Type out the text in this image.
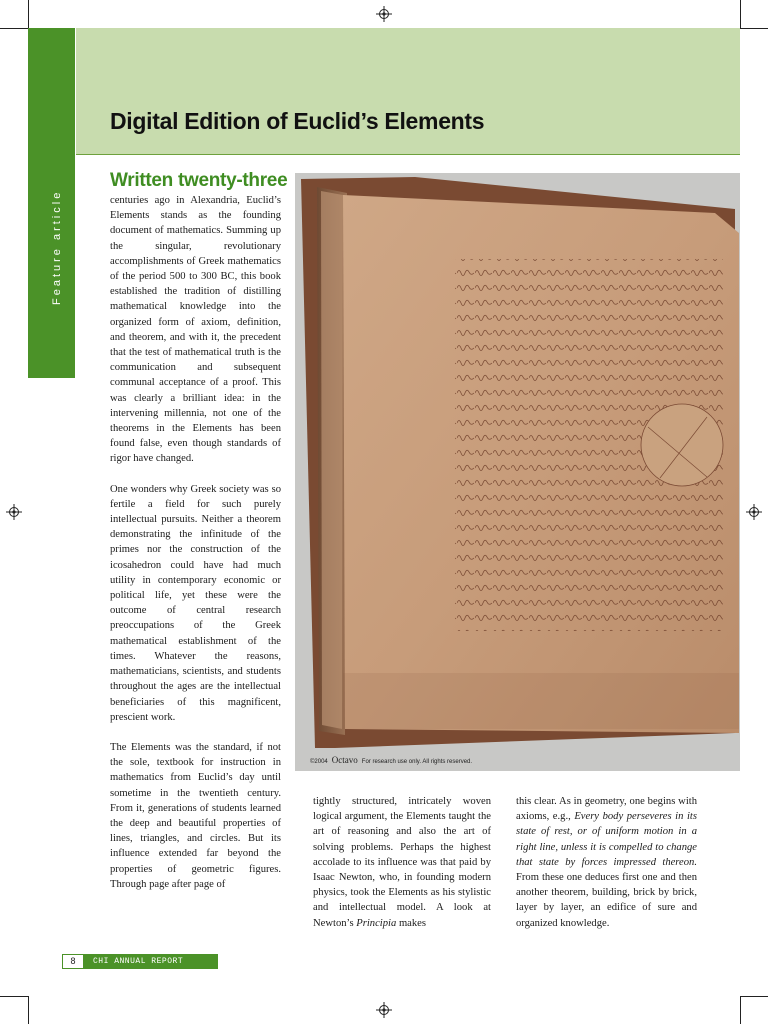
Feature article
Digital Edition of Euclid’s Elements
Written twenty-three

centuries ago in Alexandria, Euclid’s Elements stands as the founding document of mathematics. Summing up the singular, revolutionary accomplishments of Greek mathematics of the period 500 to 300 BC, this book established the tradition of distilling mathematical knowledge into the organized form of axiom, definition, and theorem, and with it, the precedent that the test of mathematical truth is the communication and subsequent communal acceptance of a proof. This was clearly a brilliant idea: in the intervening millennia, not one of the theorems in the Elements has been found false, even though standards of rigor have changed.

One wonders why Greek society was so fertile a field for such purely intellectual pursuits. Neither a theorem demonstrating the infinitude of the primes nor the construction of the icosahedron could have had much utility in contemporary economic or political life, yet these were the outcome of central research preoccupations of the Greek mathematical establishment of the times. Whatever the reasons, mathematicians, scientists, and students throughout the ages are the intellectual beneficiaries of this magnificent, prescient work.

The Elements was the standard, if not the sole, textbook for instruction in mathematics from Euclid’s day until sometime in the twentieth century. From it, generations of students learned the deep and beautiful properties of lines, triangles, and circles. But its influence extended far beyond the properties of geometric figures. Through page after page of

tightly structured, intricately woven logical argument, the Elements taught the art of reasoning and also the art of solving problems. Perhaps the highest accolade to its influence was that paid by Isaac Newton, who, in founding modern physics, took the Elements as his stylistic and intellectual model. A look at Newton’s Principia makes

this clear. As in geometry, one begins with axioms, e.g., Every body perseveres in its state of rest, or of uniform motion in a right line, unless it is compelled to change that state by forces impressed thereon. From these one deduces first one and then another theorem, building, brick by brick, layer by layer, an edifice of sure and organized knowledge.

©2004 Octavo For research use only. All rights reserved.
8	CHI ANNUAL REPORT
